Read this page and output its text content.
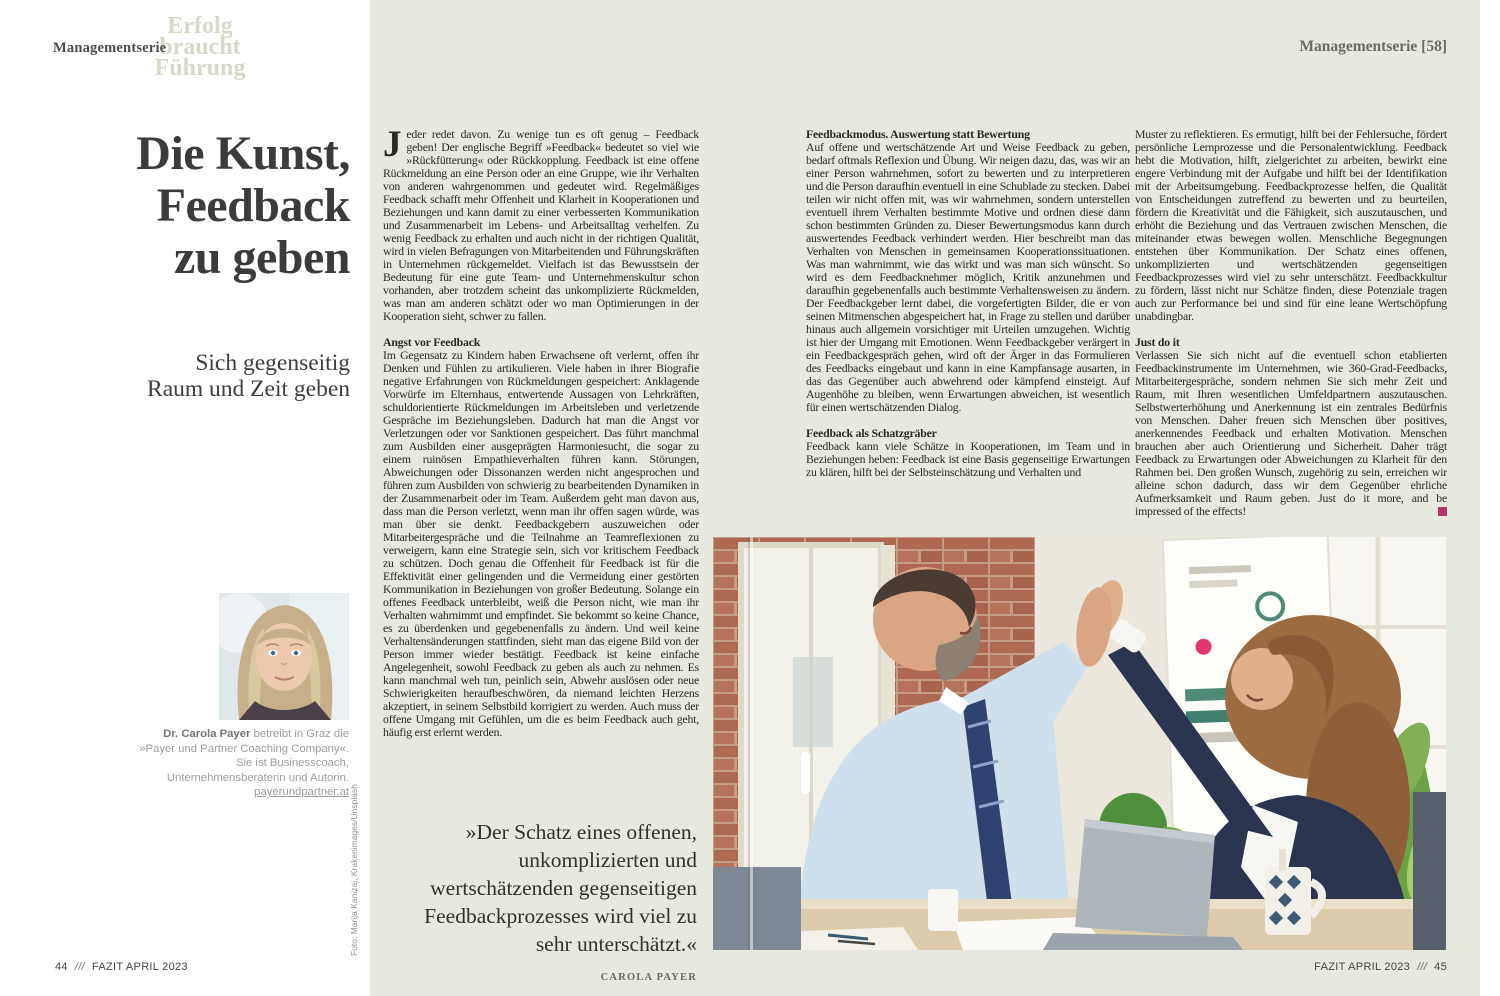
Erfolg
braucht
Führung
Managementserie	Managementserie [58]
Die Kunst,
Feedback
zu geben
Sich gegenseitig
Raum und Zeit geben

Jeder redet davon. Zu wenige tun es oft genug – Feedback geben! Der englische Begriff »Feedback« bedeutet so viel wie »Rückfütterung« oder Rückkopplung. Feedback ist eine offene Rückmeldung an eine Person oder an eine Gruppe, wie ihr Verhalten von anderen wahrgenommen und gedeutet wird. Regelmäßiges Feedback schafft mehr Offenheit und Klarheit in Kooperationen und Beziehungen und kann damit zu einer verbesserten Kommunikation und Zusammenarbeit im Lebens- und Arbeitsalltag verhelfen. Zu wenig Feedback zu erhalten und auch nicht in der richtigen Qualität, wird in vielen Befragungen von Mitarbeitenden und Führungskräften in Unternehmen rückgemeldet. Vielfach ist das Bewusstsein der Bedeutung für eine gute Team- und Unternehmenskultur schon vorhanden, aber trotzdem scheint das unkomplizierte Rückmelden, was man am anderen schätzt oder wo man Optimierungen in der Kooperation sieht, schwer zu fallen.

Angst vor Feedback

Im Gegensatz zu Kindern haben Erwachsene oft verlernt, offen ihr Denken und Fühlen zu artikulieren. Viele haben in ihrer Biografie negative Erfahrungen von Rückmeldungen gespeichert: Anklagende Vorwürfe im Elternhaus, entwertende Aussagen von Lehrkräften, schuldorientierte Rückmeldungen im Arbeitsleben und verletzende Gespräche im Beziehungsleben. Dadurch hat man die Angst vor Verletzungen oder vor Sanktionen gespeichert. Das führt manchmal zum Ausbilden einer ausgeprägten Harmoniesucht, die sogar zu einem ruinösen Empathieverhalten führen kann. Störungen, Abweichungen oder Dissonanzen werden nicht angesprochen und führen zum Ausbilden von schwierig zu bearbeitenden Dynamiken in der Zusammenarbeit oder im Team. Außerdem geht man davon aus, dass man die Person verletzt, wenn man ihr offen sagen würde, was man über sie denkt. Feedbackgebern auszuweichen oder Mitarbeitergespräche und die Teilnahme an Teamreflexionen zu verweigern, kann eine Strategie sein, sich vor kritischem Feedback zu schützen. Doch genau die Offenheit für Feedback ist für die Effektivität einer gelingenden und die Vermeidung einer gestörten Kommunikation in Beziehungen von großer Bedeutung. Solange ein offenes Feedback unterbleibt, weiß die Person nicht, wie man ihr Verhalten wahrnimmt und empfindet. Sie bekommt so keine Chance, es zu überdenken und gegebenenfalls zu ändern. Und weil keine Verhaltensänderungen stattfinden, sieht man das eigene Bild von der Person immer wieder bestätigt. Feedback ist keine einfache Angelegenheit, sowohl Feedback zu geben als auch zu nehmen. Es kann manchmal weh tun, peinlich sein, Abwehr auslösen oder neue Schwierigkeiten heraufbeschwören, da niemand leichten Herzens akzeptiert, in seinem Selbstbild korrigiert zu werden. Auch muss der offene Umgang mit Gefühlen, um die es beim Feedback auch geht, häufig erst erlernt werden.

»Der Schatz eines offenen, unkomplizierten und wertschätzenden gegenseitigen Feedbackprozesses wird viel zu sehr unterschätzt.«
CAROLA PAYER
Feedbackmodus. Auswertung statt Bewertung

Auf offene und wertschätzende Art und Weise Feedback zu geben, bedarf oftmals Reflexion und Übung. Wir neigen dazu, das, was wir an einer Person wahrnehmen, sofort zu bewerten und zu interpretieren und die Person daraufhin eventuell in eine Schublade zu stecken. Dabei teilen wir nicht offen mit, was wir wahrnehmen, sondern unterstellen eventuell ihrem Verhalten bestimmte Motive und ordnen diese dann schon bestimmten Gründen zu. Dieser Bewertungsmodus kann durch auswertendes Feedback verhindert werden. Hier beschreibt man das Verhalten von Menschen in gemeinsamen Kooperationssituationen. Was man wahrnimmt, wie das wirkt und was man sich wünscht. So wird es dem Feedbacknehmer möglich, Kritik anzunehmen und daraufhin gegebenenfalls auch bestimmte Verhaltensweisen zu ändern. Der Feedbackgeber lernt dabei, die vorgefertigten Bilder, die er von seinen Mitmenschen abgespeichert hat, in Frage zu stellen und darüber hinaus auch allgemein vorsichtiger mit Urteilen umzugehen. Wichtig ist hier der Umgang mit Emotionen. Wenn Feedbackgeber verärgert in ein Feedbackgespräch gehen, wird oft der Ärger in das Formulieren des Feedbacks eingebaut und kann in eine Kampfansage ausarten, in das das Gegenüber auch abwehrend oder kämpfend einsteigt. Auf Augenhöhe zu bleiben, wenn Erwartungen abweichen, ist wesentlich für einen wertschätzenden Dialog.

Feedback als Schatzgräber

Feedback kann viele Schätze in Kooperationen, im Team und in Beziehungen heben: Feedback ist eine Basis gegenseitige Erwartungen zu klären, hilft bei der Selbsteinschätzung und Verhalten und

Muster zu reflektieren. Es ermutigt, hilft bei der Fehlersuche, fördert persönliche Lernprozesse und die Personalentwicklung. Feedback hebt die Motivation, hilft, zielgerichtet zu arbeiten, bewirkt eine engere Verbindung mit der Aufgabe und hilft bei der Identifikation mit der Arbeitsumgebung. Feedbackprozesse helfen, die Qualität von Entscheidungen zutreffend zu bewerten und zu beurteilen, fördern die Kreativität und die Fähigkeit, sich auszutauschen, und erhöht die Beziehung und das Vertrauen zwischen Menschen, die miteinander etwas bewegen wollen. Menschliche Begegnungen entstehen über Kommunikation. Der Schatz eines offenen, unkomplizierten und wertschätzenden gegenseitigen Feedbackprozesses wird viel zu sehr unterschätzt. Feedbackkultur zu fördern, lässt nicht nur Schätze finden, diese Potenziale tragen auch zur Performance bei und sind für eine leane Wertschöpfung unabdingbar.

Just do it

Verlassen Sie sich nicht auf die eventuell schon etablierten Feedbackinstrumente im Unternehmen, wie 360-Grad-Feedbacks, Mitarbeitergespräche, sondern nehmen Sie sich mehr Zeit und Raum, mit Ihren wesentlichen Umfeldpartnern auszutauschen. Selbstwerterhöhung und Anerkennung ist ein zentrales Bedürfnis von Menschen. Daher freuen sich Menschen über positives, anerkennendes Feedback und erhalten Motivation. Menschen brauchen aber auch Orientierung und Sicherheit. Daher trägt Feedback zu Erwartungen oder Abweichungen zu Klarheit für den Rahmen bei. Den großen Wunsch, zugehörig zu sein, erreichen wir alleine schon dadurch, dass wir dem Gegenüber ehrliche Aufmerksamkeit und Raum geben. Just do it more, and be impressed of the effects!

Dr. Carola Payer betreibt in Graz die »Payer und Partner Coaching Company«. Sie ist Businesscoach, Unternehmensberaterin und Autorin. payerundpartner.at Foto: Marija Kanizaj, Krakenimages/Unsplash
44 /// FAZIT APRIL 2023	FAZIT APRIL 2023 /// 45
